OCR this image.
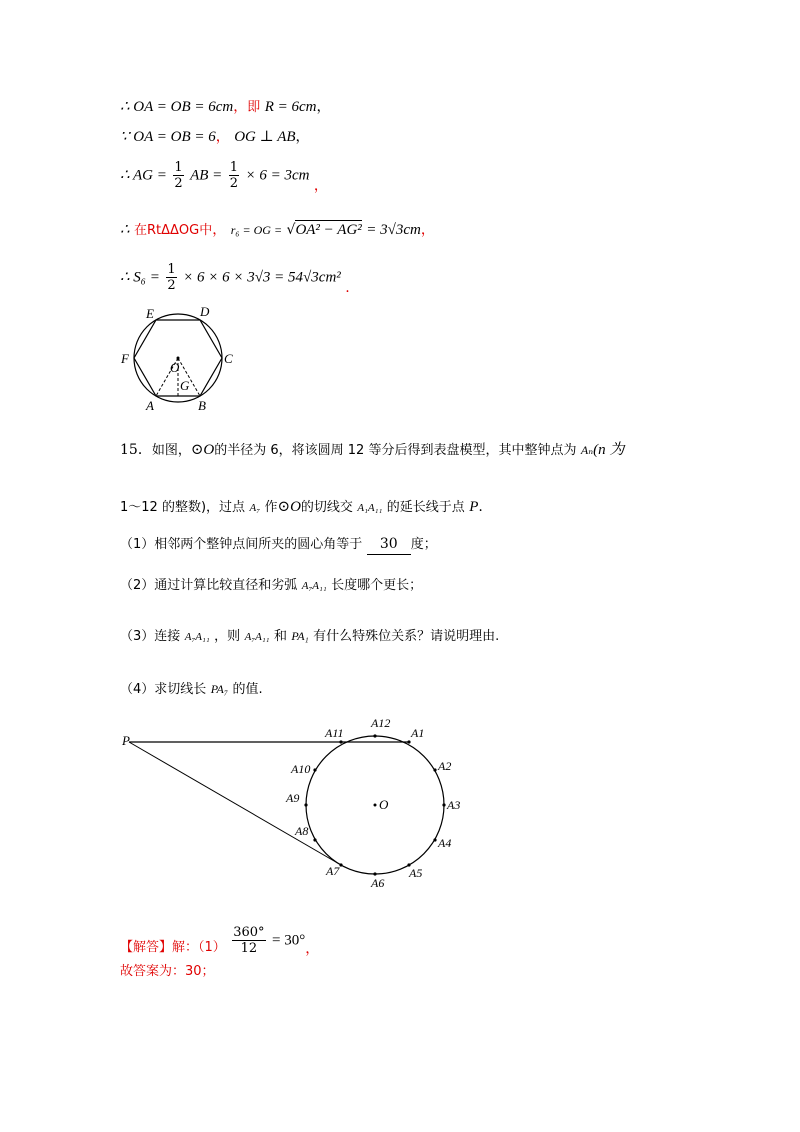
∴ OA = OB = 6cm，即 R = 6cm，
∵ OA = OB = 6， OG ⊥ AB，
∴ AG = $\frac{1}{2}$ AB = $\frac{1}{2} \times 6 = 3cm$ ，
∴ 在RtΔΔOG中， r₆ = OG = √OA² − AG² = 3√3cm，
∴ $S_6 = \frac{1}{2} \times 6 \times 6 \times 3√3 = 54√3cm^2$ .
E	D
F	C
O
G
A	B
15．如图，⊙O的半径为 6，将该圆周 12 等分后得到表盘模型，其中整钟点为 Aₙ(n 为
1～12 的整数)，过点 A₇ 作⊙O的切线交 A₁A₁₁ 的延长线于点 P.
（1）相邻两个整钟点间所夹的圆心角等于 30 度；
（2）通过计算比较直径和劣弧 A₇A₁₁ 长度哪个更长；
（3）连接 A₇A₁₁ ，则 A₇A₁₁ 和 PA₁ 有什么特殊位关系？请说明理由.
（4）求切线长 PA₇ 的值.
P	A11
A12
A1
A2
A10
A9	O	A3
A8
A4
A7
A6
A5
【解答】解：$(1) \frac{360^\circ}{12} = 30^\circ$，
故答案为：30；
